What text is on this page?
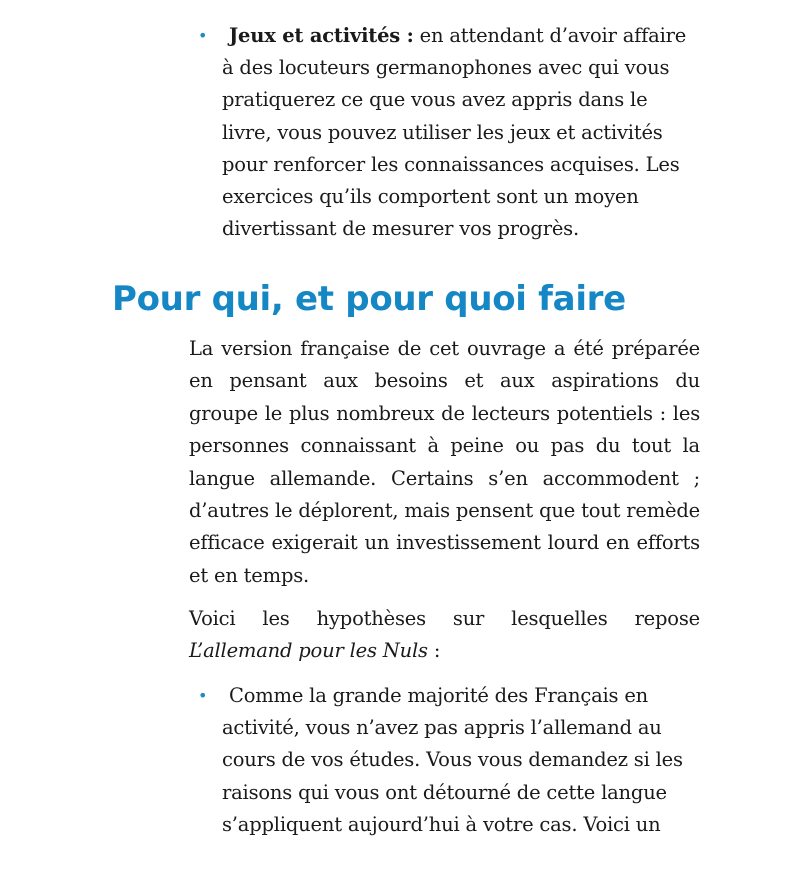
•	Jeux et activités : en attendant d’avoir affaire à des locuteurs germanophones avec qui vous pratiquerez ce que vous avez appris dans le livre, vous pouvez utiliser les jeux et activités pour renforcer les connaissances acquises. Les exercices qu’ils comportent sont un moyen divertissant de mesurer vos progrès.
Pour qui, et pour quoi faire

La version française de cet ouvrage a été préparée en pensant aux besoins et aux aspirations du groupe le plus nombreux de lecteurs potentiels : les personnes connaissant à peine ou pas du tout la langue allemande. Certains s’en accommodent ; d’autres le déplorent, mais pensent que tout remède efficace exigerait un investissement lourd en efforts et en temps.

Voici les hypothèses sur lesquelles repose
L’allemand pour les Nuls :

•	Comme la grande majorité des Français en activité, vous n’avez pas appris l’allemand au cours de vos études. Vous vous demandez si les raisons qui vous ont détourné de cette langue s’appliquent aujourd’hui à votre cas. Voici un
